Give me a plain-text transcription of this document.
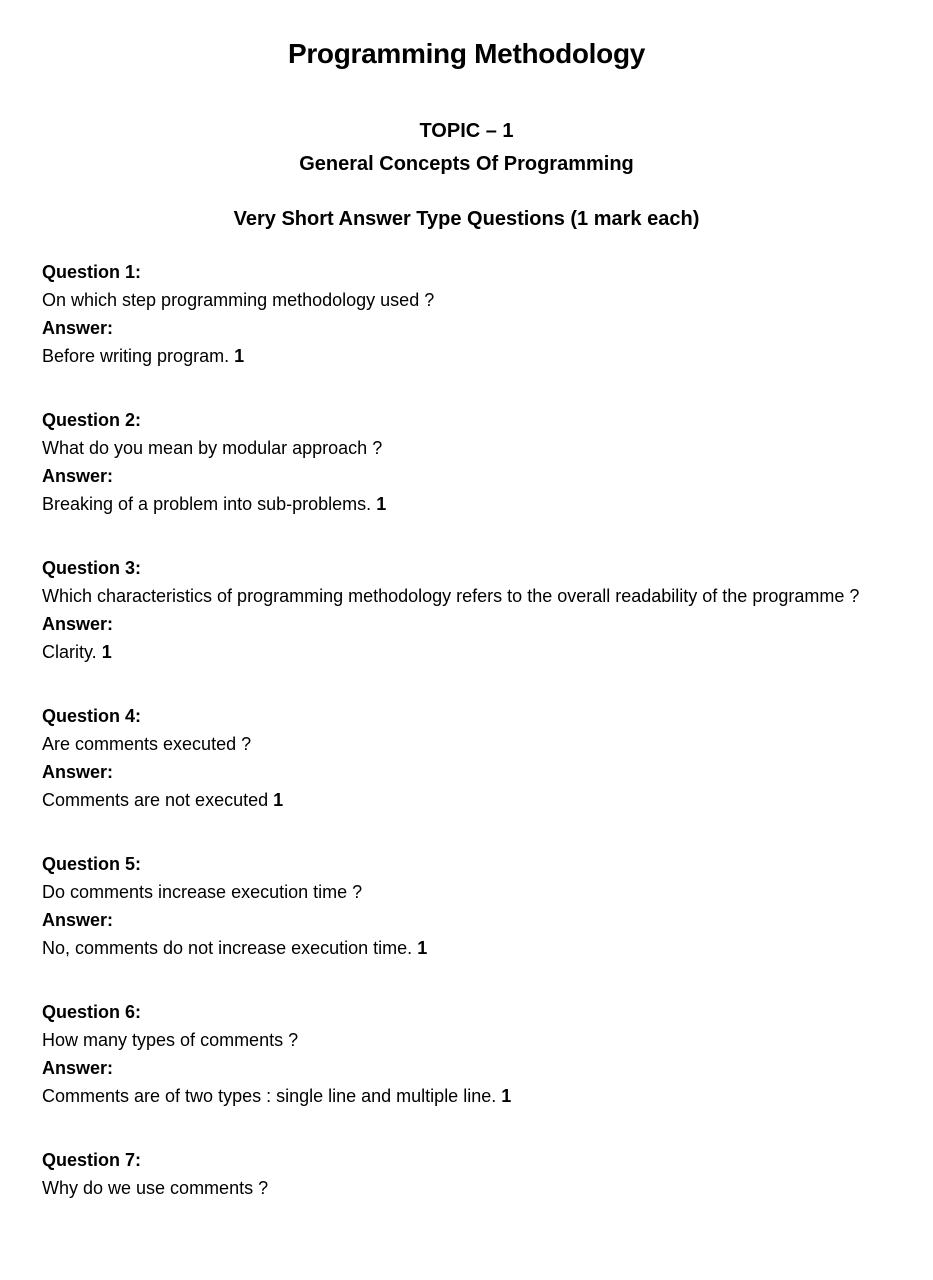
Programming Methodology
TOPIC – 1
General Concepts Of Programming
Very Short Answer Type Questions (1 mark each)

Question 1:

On which step programming methodology used ?

Answer:

Before writing program. 1

Question 2:

What do you mean by modular approach ?

Answer:

Breaking of a problem into sub-problems. 1

Question 3:

Which characteristics of programming methodology refers to the overall readability of the programme ?

Answer:

Clarity. 1

Question 4:

Are comments executed ?

Answer:

Comments are not executed 1

Question 5:

Do comments increase execution time ?

Answer:

No, comments do not increase execution time. 1

Question 6:

How many types of comments ?

Answer:

Comments are of two types : single line and multiple line. 1

Question 7:

Why do we use comments ?
